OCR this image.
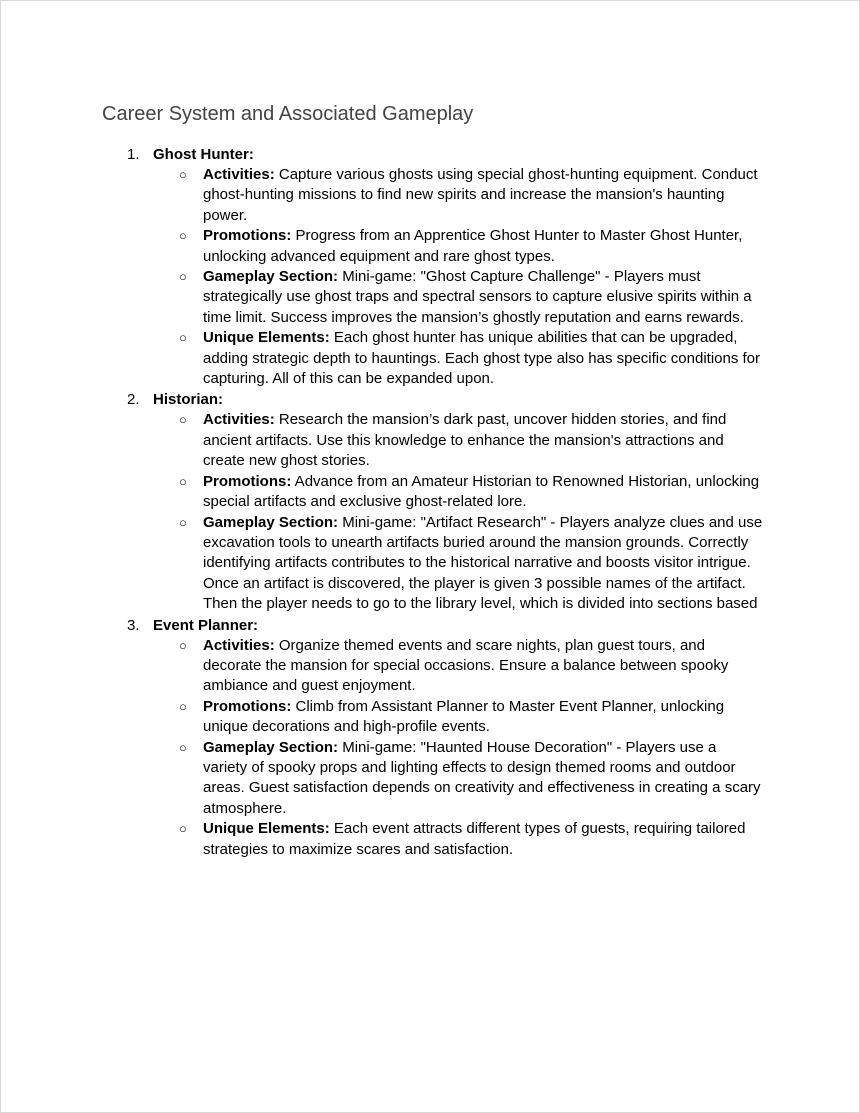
Career System and Associated Gameplay
1. Ghost Hunter:
○ Activities: Capture various ghosts using special ghost-hunting equipment. Conduct ghost-hunting missions to find new spirits and increase the mansion's haunting power.
○ Promotions: Progress from an Apprentice Ghost Hunter to Master Ghost Hunter, unlocking advanced equipment and rare ghost types.
○ Gameplay Section: Mini-game: "Ghost Capture Challenge" - Players must strategically use ghost traps and spectral sensors to capture elusive spirits within a time limit. Success improves the mansion’s ghostly reputation and earns rewards.
○ Unique Elements: Each ghost hunter has unique abilities that can be upgraded, adding strategic depth to hauntings. Each ghost type also has specific conditions for capturing. All of this can be expanded upon.
2. Historian:
○ Activities: Research the mansion’s dark past, uncover hidden stories, and find ancient artifacts. Use this knowledge to enhance the mansion's attractions and create new ghost stories.
○ Promotions: Advance from an Amateur Historian to Renowned Historian, unlocking special artifacts and exclusive ghost-related lore.
○ Gameplay Section: Mini-game: "Artifact Research" - Players analyze clues and use excavation tools to unearth artifacts buried around the mansion grounds. Correctly identifying artifacts contributes to the historical narrative and boosts visitor intrigue. Once an artifact is discovered, the player is given 3 possible names of the artifact. Then the player needs to go to the library level, which is divided into sections based
3. Event Planner:
○ Activities: Organize themed events and scare nights, plan guest tours, and decorate the mansion for special occasions. Ensure a balance between spooky ambiance and guest enjoyment.
○ Promotions: Climb from Assistant Planner to Master Event Planner, unlocking unique decorations and high-profile events.
○ Gameplay Section: Mini-game: "Haunted House Decoration" - Players use a variety of spooky props and lighting effects to design themed rooms and outdoor areas. Guest satisfaction depends on creativity and effectiveness in creating a scary atmosphere.
○ Unique Elements: Each event attracts different types of guests, requiring tailored strategies to maximize scares and satisfaction.
